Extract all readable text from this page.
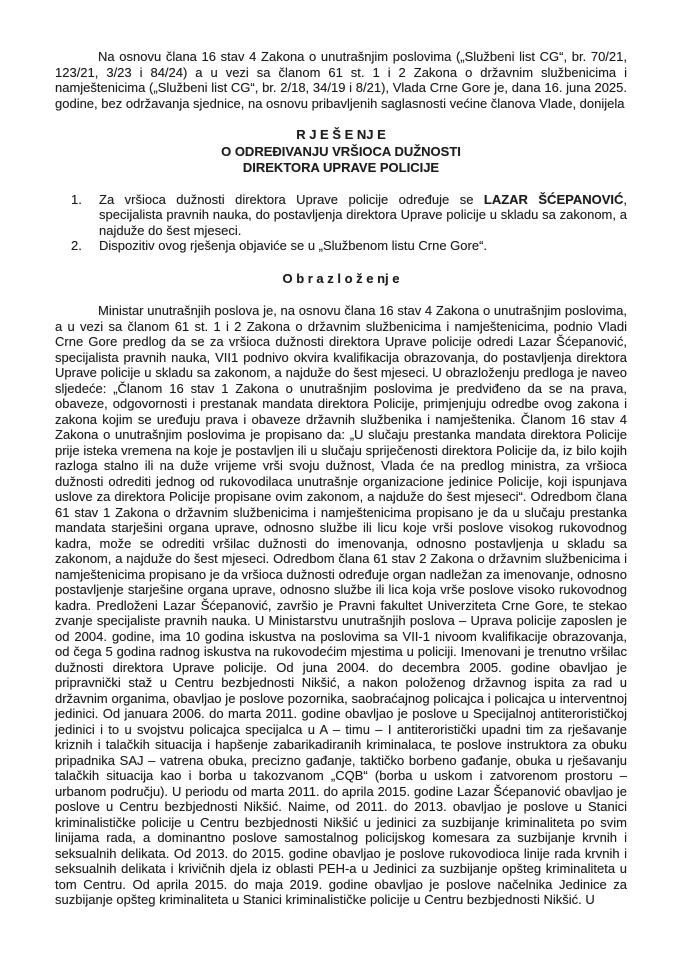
Na osnovu člana 16 stav 4 Zakona o unutrašnjim poslovima („Službeni list CG“, br. 70/21, 123/21, 3/23 i 84/24) a u vezi sa članom 61 st. 1 i 2 Zakona o državnim službenicima i namještenicima („Službeni list CG“, br. 2/18, 34/19 i 8/21), Vlada Crne Gore je, dana 16. juna 2025. godine, bez održavanja sjednice, na osnovu pribavljenih saglasnosti većine članova Vlade, donijela

R J E Š E NJ E
O ODREĐIVANJU VRŠIOCA DUŽNOSTI
DIREKTORA UPRAVE POLICIJE
1.	Za vršioca dužnosti direktora Uprave policije određuje se LAZAR ŠĆEPANOVIĆ, specijalista pravnih nauka, do postavljenja direktora Uprave policije u skladu sa zakonom, a najduže do šest mjeseci.
2.	Dispozitiv ovog rješenja objaviće se u „Službenom listu Crne Gore“.
O b r a z l o ž e nj e

Ministar unutrašnjih poslova je, na osnovu člana 16 stav 4 Zakona o unutrašnjim poslovima, a u vezi sa članom 61 st. 1 i 2 Zakona o državnim službenicima i namještenicima, podnio Vladi Crne Gore predlog da se za vršioca dužnosti direktora Uprave policije odredi Lazar Šćepanović, specijalista pravnih nauka, VII1 podnivo okvira kvalifikacija obrazovanja, do postavljenja direktora Uprave policije u skladu sa zakonom, a najduže do šest mjeseci. U obrazloženju predloga je naveo sljedeće: „Članom 16 stav 1 Zakona o unutrašnjim poslovima je predviđeno da se na prava, obaveze, odgovornosti i prestanak mandata direktora Policije, primjenjuju odredbe ovog zakona i zakona kojim se uređuju prava i obaveze državnih službenika i namještenika. Članom 16 stav 4 Zakona o unutrašnjim poslovima je propisano da: „U slučaju prestanka mandata direktora Policije prije isteka vremena na koje je postavljen ili u slučaju spriječenosti direktora Policije da, iz bilo kojih razloga stalno ili na duže vrijeme vrši svoju dužnost, Vlada će na predlog ministra, za vršioca dužnosti odrediti jednog od rukovodilaca unutrašnje organizacione jedinice Policije, koji ispunjava uslove za direktora Policije propisane ovim zakonom, a najduže do šest mjeseci“. Odredbom člana 61 stav 1 Zakona o državnim službenicima i namještenicima propisano je da u slučaju prestanka mandata starješini organa uprave, odnosno službe ili licu koje vrši poslove visokog rukovodnog kadra, može se odrediti vršilac dužnosti do imenovanja, odnosno postavljenja u skladu sa zakonom, a najduže do šest mjeseci. Odredbom člana 61 stav 2 Zakona o državnim službenicima i namještenicima propisano je da vršioca dužnosti određuje organ nadležan za imenovanje, odnosno postavljenje starješine organa uprave, odnosno službe ili lica koja vrše poslove visoko rukovodnog kadra. Predloženi Lazar Šćepanović, završio je Pravni fakultet Univerziteta Crne Gore, te stekao zvanje specijaliste pravnih nauka. U Ministarstvu unutrašnjih poslova – Uprava policije zaposlen je od 2004. godine, ima 10 godina iskustva na poslovima sa VII-1 nivoom kvalifikacije obrazovanja, od čega 5 godina radnog iskustva na rukovodećim mjestima u policiji. Imenovani je trenutno vršilac dužnosti direktora Uprave policije. Od juna 2004. do decembra 2005. godine obavljao je pripravnički staž u Centru bezbjednosti Nikšić, a nakon položenog državnog ispita za rad u državnim organima, obavljao je poslove pozornika, saobraćajnog policajca i policajca u interventnoj jedinici. Od januara 2006. do marta 2011. godine obavljao je poslove u Specijalnoj antiterorističkoj jedinici i to u svojstvu policajca specijalca u A – timu – I antiteroristički upadni tim za rješavanje kriznih i talačkih situacija i hapšenje zabarikadiranih kriminalaca, te poslove instruktora za obuku pripadnika SAJ – vatrena obuka, precizno gađanje, taktičko borbeno gađanje, obuka u rješavanju talačkih situacija kao i borba u takozvanom „CQB“ (borba u uskom i zatvorenom prostoru – urbanom području). U periodu od marta 2011. do aprila 2015. godine Lazar Šćepanović obavljao je poslove u Centru bezbjednosti Nikšić. Naime, od 2011. do 2013. obavljao je poslove u Stanici kriminalističke policije u Centru bezbjednosti Nikšić u jedinici za suzbijanje kriminaliteta po svim linijama rada, a dominantno poslove samostalnog policijskog komesara za suzbijanje krvnih i seksualnih delikata. Od 2013. do 2015. godine obavljao je poslove rukovodioca linije rada krvnih i seksualnih delikata i krivičnih djela iz oblasti PEH-a u Jedinici za suzbijanje opšteg kriminaliteta u tom Centru. Od aprila 2015. do maja 2019. godine obavljao je poslove načelnika Jedinice za suzbijanje opšteg kriminaliteta u Stanici kriminalističke policije u Centru bezbjednosti Nikšić. U
